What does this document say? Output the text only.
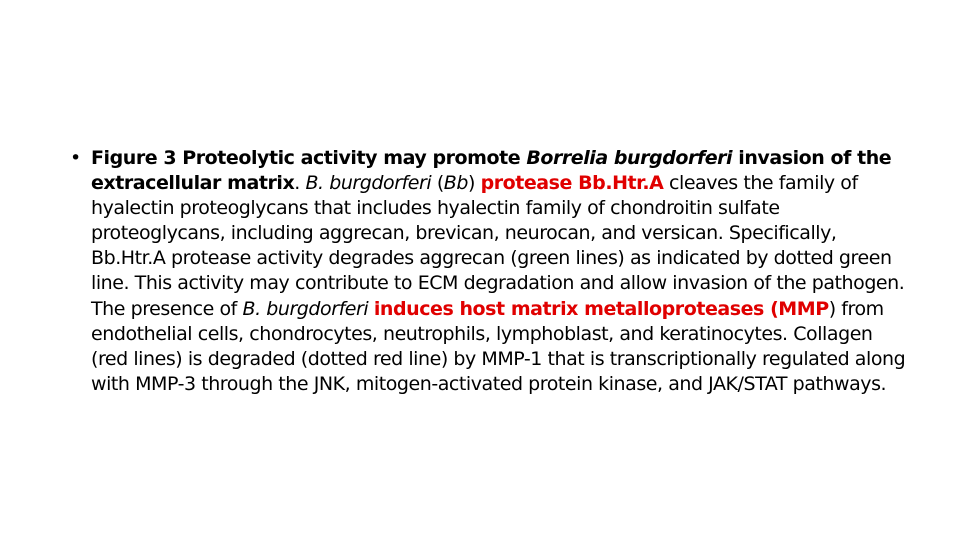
• Figure 3 Proteolytic activity may promote Borrelia burgdorferi invasion of the extracellular matrix. B. burgdorferi (Bb) protease Bb.Htr.A cleaves the family of hyalectin proteoglycans that includes hyalectin family of chondroitin sulfate proteoglycans, including aggrecan, brevican, neurocan, and versican. Specifically, Bb.Htr.A protease activity degrades aggrecan (green lines) as indicated by dotted green line. This activity may contribute to ECM degradation and allow invasion of the pathogen. The presence of B. burgdorferi induces host matrix metalloproteases (MMP) from endothelial cells, chondrocytes, neutrophils, lymphoblast, and keratinocytes. Collagen (red lines) is degraded (dotted red line) by MMP-1 that is transcriptionally regulated along with MMP-3 through the JNK, mitogen-activated protein kinase, and JAK/STAT pathways.
